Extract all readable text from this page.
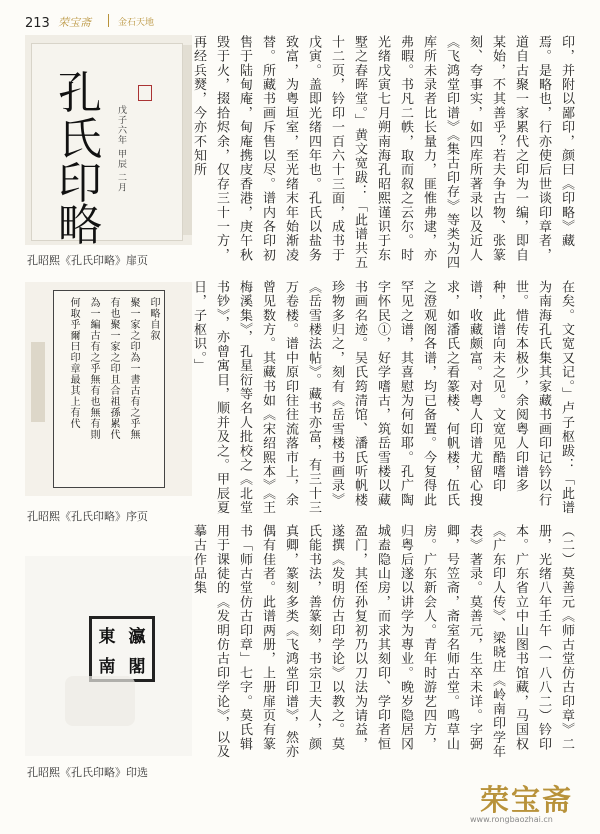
213 荣宝斋	金石天地
孔
氏
印
略
戊子六年 甲辰 二月
孔昭熙《孔氏印略》扉页
印略自叙
聚一家之印為一書古有之乎無
有也聚一家之印且合祖孫累代
為一編古有之乎無有也無有則
何取乎爾曰印章最其上有代
孔昭熙《孔氏印略》序页
東 瀛
南 閣
孔昭熙《孔氏印略》印选
印，并附以鄙印，颜曰《印略》藏焉。是略也，行亦使后世谈印章者，道自古聚一家累代之印为一编，即自某始，不其善乎？若夫争古物、张篆刻、夸事实，如四库所著录以及近人《飞鸿堂印谱》《集古印存》等类为四库所未录者比长量力，匪惟弗逮，亦弗暇。书凡二帙，取而叙之云尔。时光绪戊寅七月朔南海孔昭熙谨识于东墅之春晖堂。」黄文宽跋：「此谱共五十二页，钤印一百六十三面，成书于戊寅。盖即光绪四年也。孔氏以盐务致富，为粤垣室，至光绪末年始渐凌替。所藏书画斥售以尽。谱内各印初售于陆甸庵，甸庵携庋香港，庚午秋毁于火，掇拾烬余，仅存三十一方，再经兵燹，今亦不知所
在矣。文宽又记。」卢子枢跋：「此谱为南海孔氏集其家藏书画印记钤以行世。惜传本极少，余阅粤人印谱多种，此谱向未之见。文宽见酷嗜印谱，收藏颇富。对粤人印谱尤留心搜求，如潘氏之看篆楼、何帆楼，伍氏之澄观阁各谱，均已备置。今复得此罕见之谱，其喜慰为何如耶。孔广陶字怀民①，好学嗜古，筑岳雪楼以藏书画名迹。吴氏筠清馆、潘氏听帆楼珍物多归之，刻有《岳雪楼书画录》《岳雪楼法帖》。藏书亦富，有三十三万卷楼。谱中原印往往流落市上，余曾见数方。其藏书如《宋绍熙本》《王梅溪集》，孔星衍等名人批校之《北堂书钞》，亦曾寓目，顺并及之。甲辰夏日，子枢识。」
（二）莫善元《师古堂仿古印章》二册，光绪八年壬午（一八八二）钤印本。广东省立中山图书馆藏，马国权《广东印人传》、梁晓庄《岭南印学年表》著录。莫善元，生卒未详。字弼卿，号笠斋，斋室名师古堂。鸣草山房。广东新会人。青年时游艺四方，归粤后遂以讲学为專业。晚岁隐居冈城盍隐山房，而求其刻印、学印者恒盈门，其侄孙复初乃以刀法为请益，遂撰《发明仿古印学论》以教之。莫氏能书法，善篆刻，书宗卫夫人，颜真卿，篆刻多类《飞鸿堂印谱》，然亦偶有佳者。此谱两册，上册扉页有篆书「师古堂仿古印章」七字。莫氏辑用于课徒的《发明仿古印学论》，以及摹古作品集
荣宝斋
www.rongbaozhai.cn
